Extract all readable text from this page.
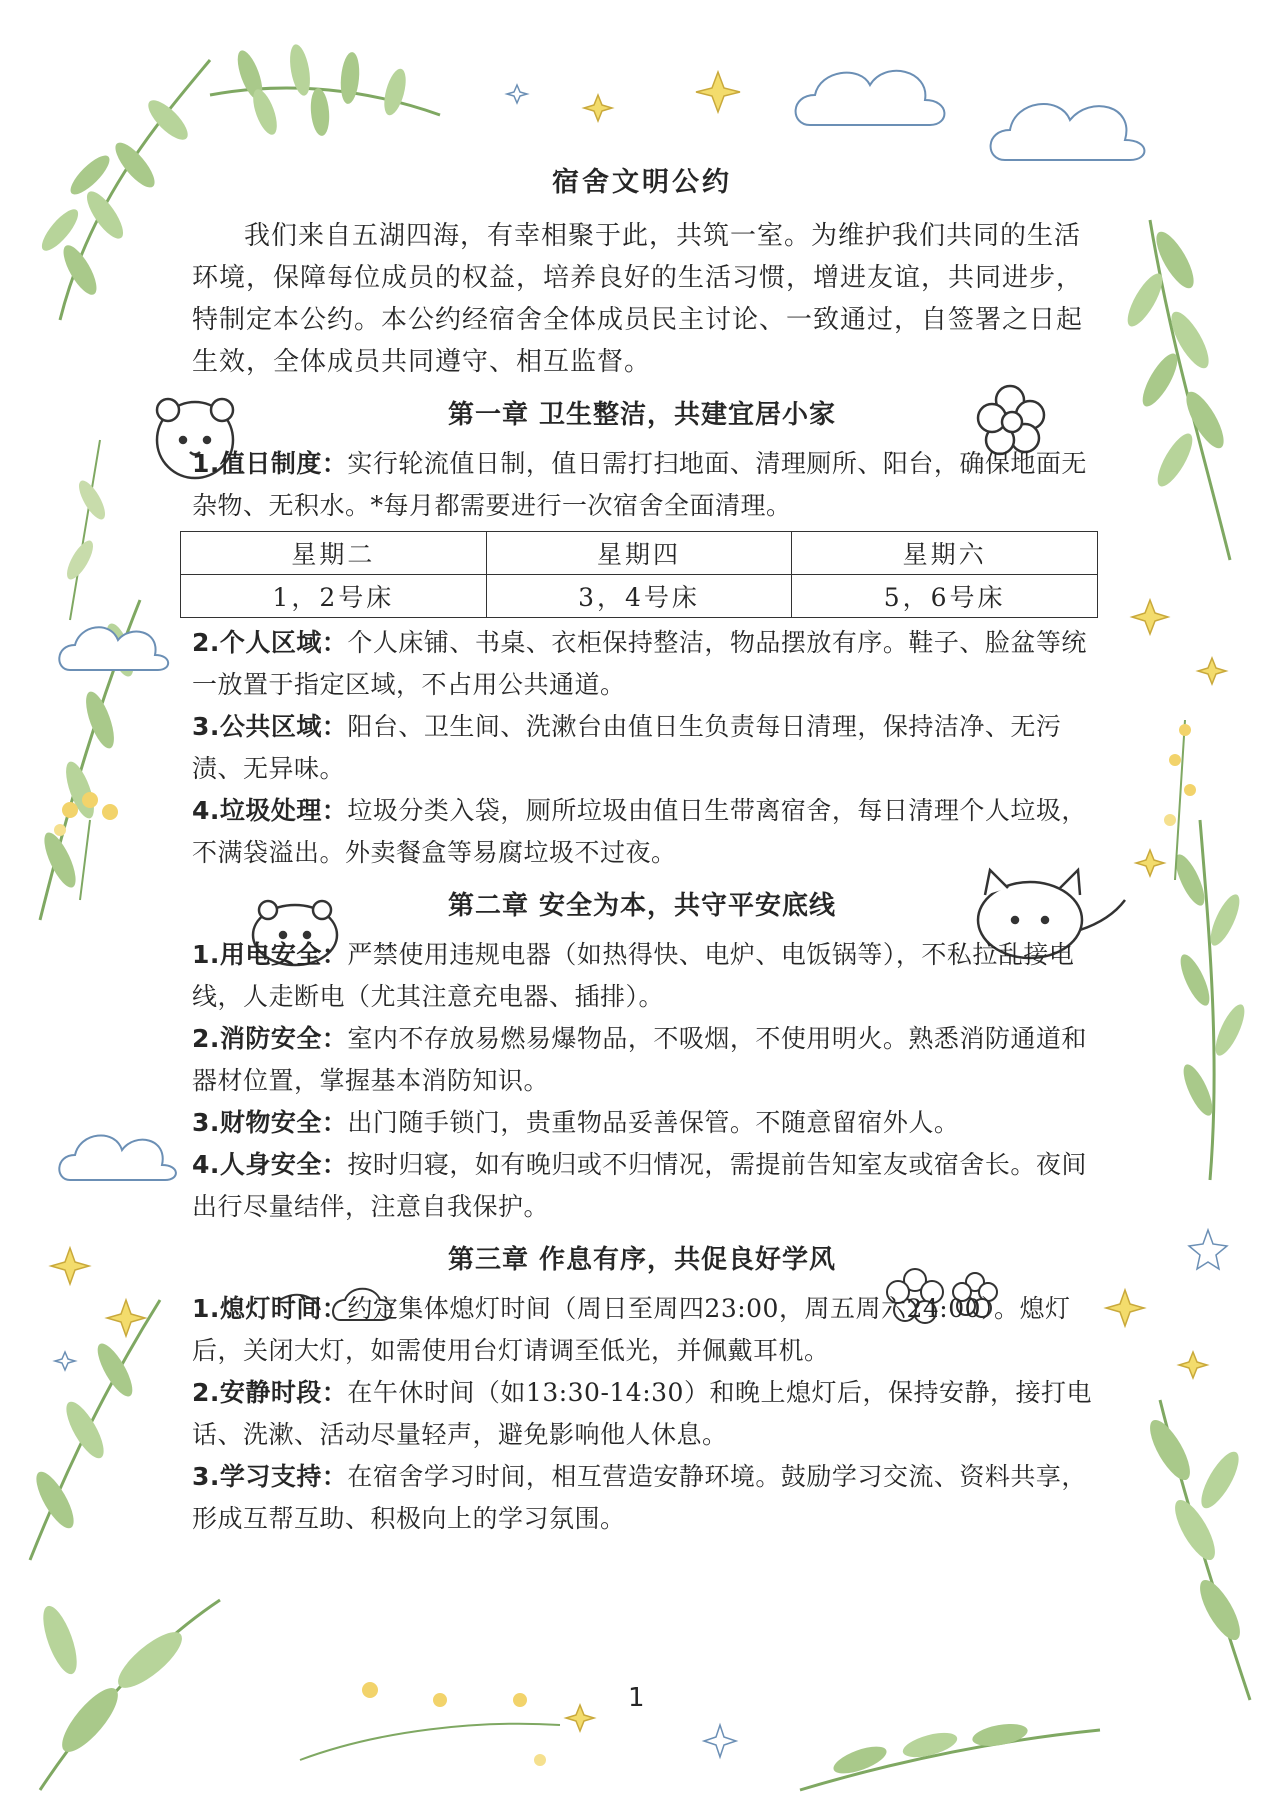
宿舍文明公约

我们来自五湖四海，有幸相聚于此，共筑一室。为维护我们共同的生活环境，保障每位成员的权益，培养良好的生活习惯，增进友谊，共同进步，特制定本公约。本公约经宿舍全体成员民主讨论、一致通过，自签署之日起生效，全体成员共同遵守、相互监督。

第一章 卫生整洁，共建宜居小家

1.值日制度：实行轮流值日制，值日需打扫地面、清理厕所、阳台，确保地面无杂物、无积水。*每月都需要进行一次宿舍全面清理。

星期二	星期四	星期六
1，2号床	3，4号床	5，6号床

2.个人区域：个人床铺、书桌、衣柜保持整洁，物品摆放有序。鞋子、脸盆等统一放置于指定区域，不占用公共通道。

3.公共区域：阳台、卫生间、洗漱台由值日生负责每日清理，保持洁净、无污渍、无异味。

4.垃圾处理：垃圾分类入袋，厕所垃圾由值日生带离宿舍，每日清理个人垃圾，不满袋溢出。外卖餐盒等易腐垃圾不过夜。

第二章 安全为本，共守平安底线

1.用电安全：严禁使用违规电器（如热得快、电炉、电饭锅等），不私拉乱接电线，人走断电（尤其注意充电器、插排）。

2.消防安全：室内不存放易燃易爆物品，不吸烟，不使用明火。熟悉消防通道和器材位置，掌握基本消防知识。

3.财物安全：出门随手锁门，贵重物品妥善保管。不随意留宿外人。

4.人身安全：按时归寝，如有晚归或不归情况，需提前告知室友或宿舍长。夜间出行尽量结伴，注意自我保护。

第三章 作息有序，共促良好学风

1.熄灯时间：约定集体熄灯时间（周日至周四23:00，周五周六24:00）。熄灯后，关闭大灯，如需使用台灯请调至低光，并佩戴耳机。

2.安静时段：在午休时间（如13:30-14:30）和晚上熄灯后，保持安静，接打电话、洗漱、活动尽量轻声，避免影响他人休息。

3.学习支持：在宿舍学习时间，相互营造安静环境。鼓励学习交流、资料共享，形成互帮互助、积极向上的学习氛围。

1
